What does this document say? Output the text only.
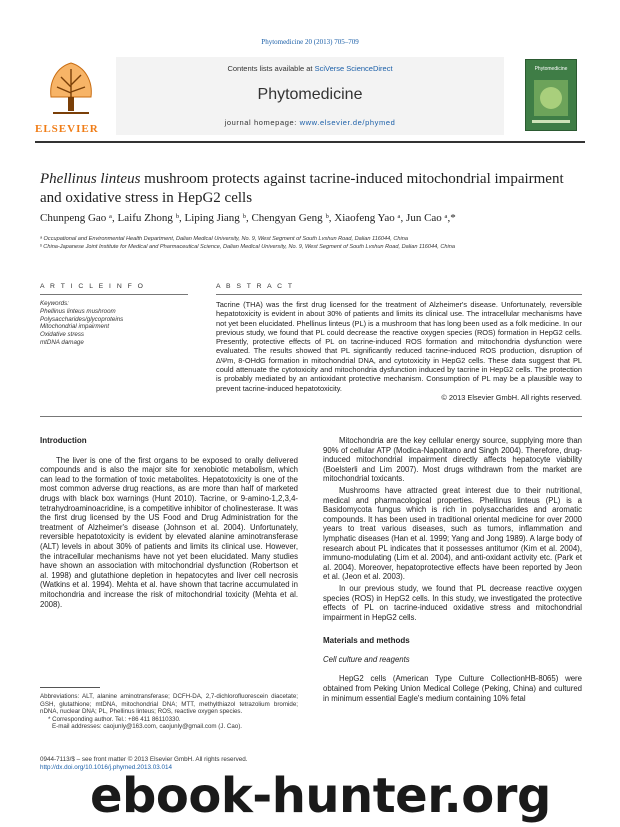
Phytomedicine 20 (2013) 705–709
ELSEVIER
Contents lists available at SciVerse ScienceDirect
Phytomedicine
journal homepage: www.elsevier.de/phymed
Phytomedicine
Phellinus linteus mushroom protects against tacrine-induced mitochondrial impairment and oxidative stress in HepG2 cells
Chunpeng Gao ᵃ, Laifu Zhong ᵇ, Liping Jiang ᵇ, Chengyan Geng ᵇ, Xiaofeng Yao ᵃ, Jun Cao ᵃ,*
ᵃ Occupational and Environmental Health Department, Dalian Medical University, No. 9, West Segment of South Lvshun Road, Dalian 116044, China
ᵇ China-Japanese Joint Institute for Medical and Pharmaceutical Science, Dalian Medical University, No. 9, West Segment of South Lvshun Road, Dalian 116044, China
A R T I C L E I N F O
Keywords:
Phellinus linteus mushroom
Polysaccharides/glycoproteins
Mitochondrial impairment
Oxidative stress
mtDNA damage
A B S T R A C T
Tacrine (THA) was the first drug licensed for the treatment of Alzheimer's disease. Unfortunately, reversible hepatotoxicity is evident in about 30% of patients and limits its clinical use. The intracellular mechanisms have not yet been elucidated. Phellinus linteus (PL) is a mushroom that has long been used as a folk medicine. In our previous study, we found that PL could decrease the reactive oxygen species (ROS) formation in HepG2 cells. Presently, protective effects of PL on tacrine-induced ROS formation and mitochondria dysfunction were evaluated. The results showed that PL significantly reduced tacrine-induced ROS production, disruption of ΔΨm, 8-OHdG formation in mitochondrial DNA, and cytotoxicity in HepG2 cells. These data suggest that PL could attenuate the cytotoxicity and mitochondria dysfunction induced by tacrine in HepG2 cells. The protection is probably mediated by an antioxidant protective mechanism. Consumption of PL may be a plausible way to prevent tacrine-induced hepatotoxicity.
© 2013 Elsevier GmbH. All rights reserved.
Introduction

The liver is one of the first organs to be exposed to orally delivered compounds and is also the major site for xenobiotic metabolism, which can lead to the formation of toxic metabolites. Hepatotoxicity is one of the most common adverse drug reactions, as are more than half of marketed drugs with black box warnings (Hunt 2010). Tacrine, or 9-amino-1,2,3,4-tetrahydroaminoacridine, is a competitive inhibitor of cholinesterase. It was the first drug licensed by the US Food and Drug Administration for the treatment of Alzheimer's disease (Johnson et al. 2004). Unfortunately, reversible hepatotoxicity is evident by elevated alanine aminotransferase (ALT) levels in about 30% of patients and limits its clinical use. However, the intracellular mechanisms have not yet been elucidated. Many studies have shown an association with mitochondrial dysfunction (Robertson et al. 1998) and glutathione depletion in hepatocytes and liver cell necrosis (Watkins et al. 1994). Mehta et al. have shown that tacrine accumulated in mitochondria and increase the risk of mitochondrial toxicity (Mehta et al. 2008).

Mitochondria are the key cellular energy source, supplying more than 90% of cellular ATP (Modica-Napolitano and Singh 2004). Therefore, drug-induced mitochondrial impairment directly affects hepatocyte viability (Boelsterli and Lim 2007). Most drugs withdrawn from the market are mitochondrial toxicants.

Mushrooms have attracted great interest due to their nutritional, medical and pharmacological properties. Phellinus linteus (PL) is a Basidomycota fungus which is rich in polysaccharides and aromatic compounds. It has been used in traditional oriental medicine for over 2000 years to treat various diseases, such as tumors, inflammation and lymphatic diseases (Han et al. 1999; Yang and Jong 1989). A large body of research about PL indicates that it possesses antitumor (Kim et al. 2004), immuno-modulating (Lim et al. 2004), and anti-oxidant activity etc. (Park et al. 2004). Moreover, hepatoprotective effects have been reported by Jeon et al. (Jeon et al. 2003).

In our previous study, we found that PL decrease reactive oxygen species (ROS) in HepG2 cells. In this study, we investigated the protective effects of PL on tacrine-induced oxidative stress and mitochondrial impairment in HepG2 cells.

Materials and methods
Cell culture and reagents

HepG2 cells (American Type Culture CollectionHB-8065) were obtained from Peking Union Medical College (Peking, China) and cultured in minimum essential Eagle's medium containing 10% fetal

Abbreviations: ALT, alanine aminotransferase; DCFH-DA, 2,7-dichlorofluorescein diacetate; GSH, glutathione; mtDNA, mitochondrial DNA; MTT, methylthiazol tetrazolium bromide; nDNA, nuclear DNA; PL, Phellinus linteus; ROS, reactive oxygen species.
* Corresponding author. Tel.: +86 411 86110330.
E-mail addresses: caojunly@163.com, caojunly@gmail.com (J. Cao).
0944-7113/$ – see front matter © 2013 Elsevier GmbH. All rights reserved.
http://dx.doi.org/10.1016/j.phymed.2013.03.014
ebook-hunter.org
